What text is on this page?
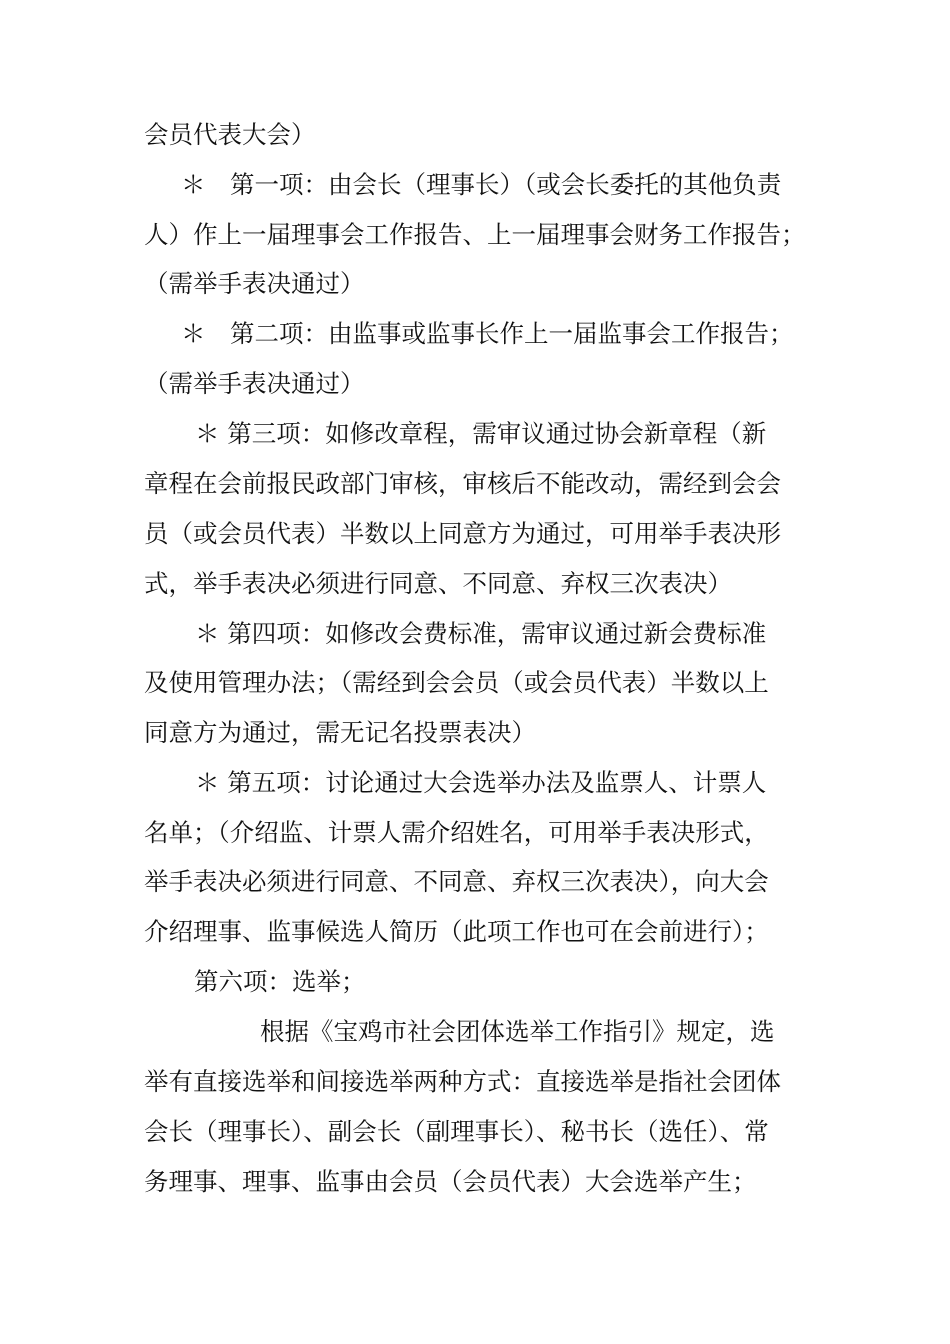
会员代表大会）
＊　第一项：由会长（理事长）（或会长委托的其他负责
人）作上一届理事会工作报告、上一届理事会财务工作报告；
（需举手表决通过）
＊　第二项：由监事或监事长作上一届监事会工作报告；
（需举手表决通过）
＊ 第三项：如修改章程，需审议通过协会新章程（新
章程在会前报民政部门审核，审核后不能改动，需经到会会
员（或会员代表）半数以上同意方为通过，可用举手表决形
式，举手表决必须进行同意、不同意、弃权三次表决）
＊ 第四项：如修改会费标准，需审议通过新会费标准
及使用管理办法；（需经到会会员（或会员代表）半数以上
同意方为通过，需无记名投票表决）
＊ 第五项：讨论通过大会选举办法及监票人、计票人
名单；（介绍监、计票人需介绍姓名，可用举手表决形式，
举手表决必须进行同意、不同意、弃权三次表决），向大会
介绍理事、监事候选人简历（此项工作也可在会前进行）；
第六项：选举；
根据《宝鸡市社会团体选举工作指引》规定，选
举有直接选举和间接选举两种方式：直接选举是指社会团体
会长（理事长）、副会长（副理事长）、秘书长（选任）、常
务理事、理事、监事由会员（会员代表）大会选举产生；
